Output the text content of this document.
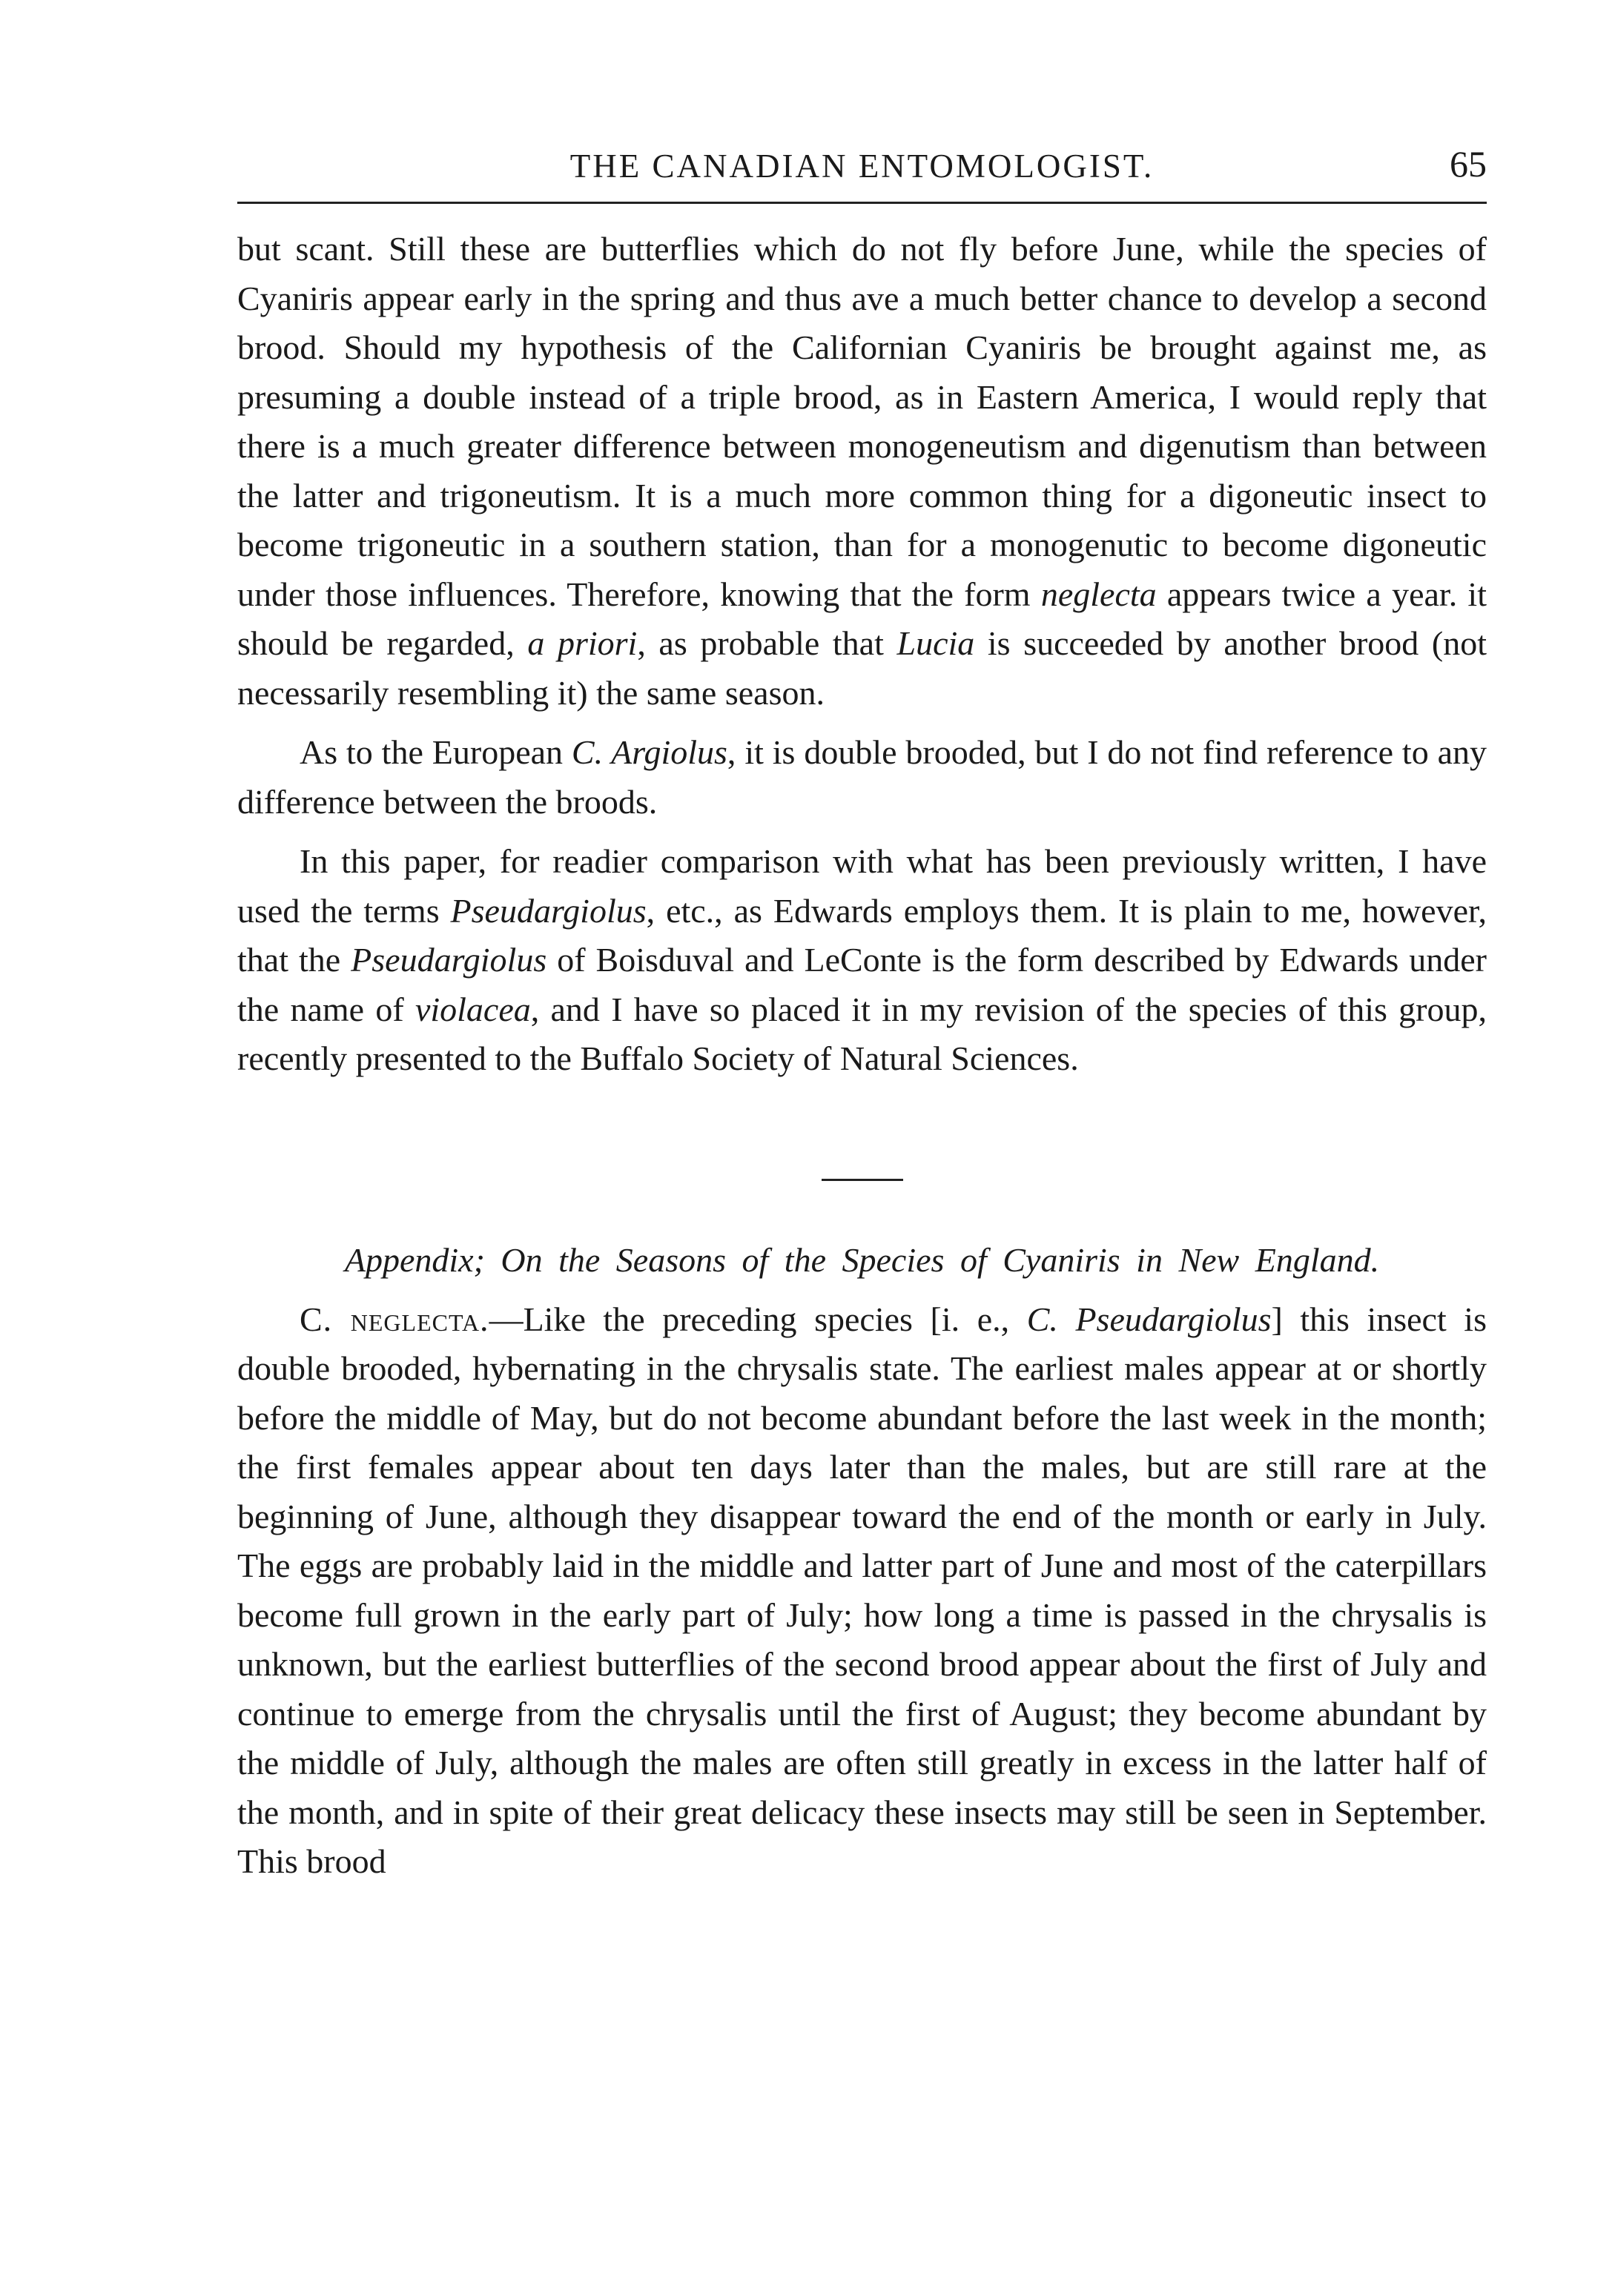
THE CANADIAN ENTOMOLOGIST.	65

but scant. Still these are butterflies which do not fly before June, while the species of Cyaniris appear early in the spring and thus ave a much better chance to develop a second brood. Should my hypothesis of the Californian Cyaniris be brought against me, as presuming a double instead of a triple brood, as in Eastern America, I would reply that there is a much greater difference between monogeneutism and digenutism than between the latter and trigoneutism. It is a much more common thing for a digoneutic insect to become trigoneutic in a southern station, than for a monogenutic to become digoneutic under those influences. Therefore, knowing that the form neglecta appears twice a year. it should be regarded, a priori, as probable that Lucia is succeeded by another brood (not necessarily resembling it) the same season.

As to the European C. Argiolus, it is double brooded, but I do not find reference to any difference between the broods.

In this paper, for readier comparison with what has been previously written, I have used the terms Pseudargiolus, etc., as Edwards employs them. It is plain to me, however, that the Pseudargiolus of Boisduval and LeConte is the form described by Edwards under the name of violacea, and I have so placed it in my revision of the species of this group, recently presented to the Buffalo Society of Natural Sciences.

Appendix; On the Seasons of the Species of Cyaniris in New England.

C. neglecta.—Like the preceding species [i. e., C. Pseudargiolus] this insect is double brooded, hybernating in the chrysalis state. The earliest males appear at or shortly before the middle of May, but do not become abundant before the last week in the month; the first females appear about ten days later than the males, but are still rare at the beginning of June, although they disappear toward the end of the month or early in July. The eggs are probably laid in the middle and latter part of June and most of the caterpillars become full grown in the early part of July; how long a time is passed in the chrysalis is unknown, but the earliest butterflies of the second brood appear about the first of July and continue to emerge from the chrysalis until the first of August; they become abundant by the middle of July, although the males are often still greatly in excess in the latter half of the month, and in spite of their great delicacy these insects may still be seen in September. This brood
